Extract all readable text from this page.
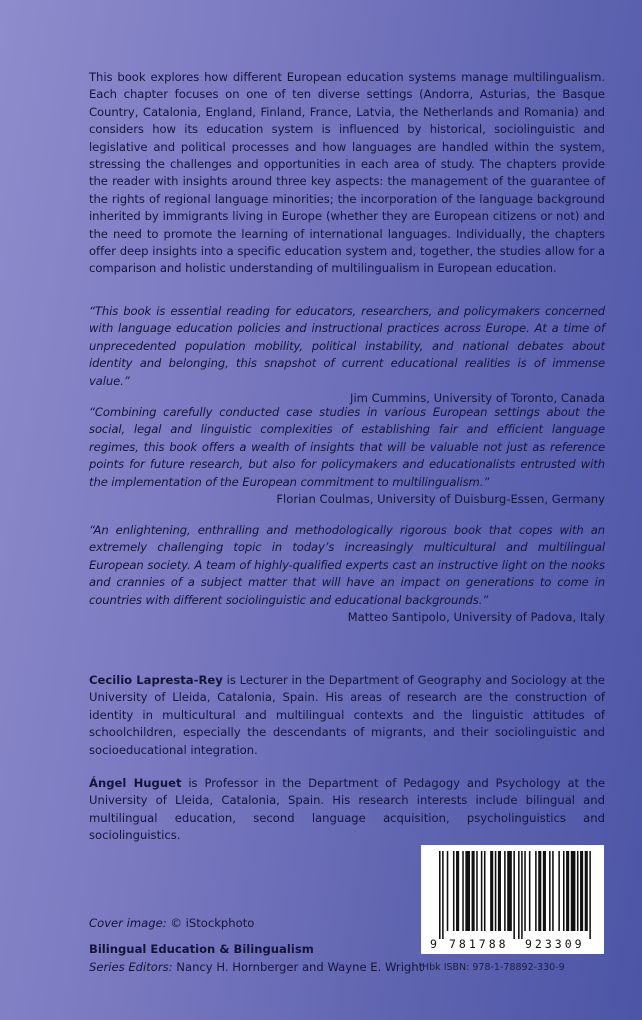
This book explores how different European education systems manage multilingualism. Each chapter focuses on one of ten diverse settings (Andorra, Asturias, the Basque Country, Catalonia, England, Finland, France, Latvia, the Netherlands and Romania) and considers how its education system is influenced by historical, sociolinguistic and legislative and political processes and how languages are handled within the system, stressing the challenges and opportunities in each area of study. The chapters provide the reader with insights around three key aspects: the management of the guarantee of the rights of regional language minorities; the incorporation of the language background inherited by immigrants living in Europe (whether they are European citizens or not) and the need to promote the learning of international languages. Individually, the chapters offer deep insights into a specific education system and, together, the studies allow for a comparison and holistic understanding of multilingualism in European education.

“This book is essential reading for educators, researchers, and policymakers concerned with language education policies and instructional practices across Europe. At a time of unprecedented population mobility, political instability, and national debates about identity and belonging, this snapshot of current educational realities is of immense value.”

Jim Cummins, University of Toronto, Canada

“Combining carefully conducted case studies in various European settings about the social, legal and linguistic complexities of establishing fair and efficient language regimes, this book offers a wealth of insights that will be valuable not just as reference points for future research, but also for policymakers and educationalists entrusted with the implementation of the European commitment to multilingualism.”

Florian Coulmas, University of Duisburg-Essen, Germany

“An enlightening, enthralling and methodologically rigorous book that copes with an extremely challenging topic in today’s increasingly multicultural and multilingual European society. A team of highly-qualified experts cast an instructive light on the nooks and crannies of a subject matter that will have an impact on generations to come in countries with different sociolinguistic and educational backgrounds.”

Matteo Santipolo, University of Padova, Italy

Cecilio Lapresta-Rey is Lecturer in the Department of Geography and Sociology at the University of Lleida, Catalonia, Spain. His areas of research are the construction of identity in multicultural and multilingual contexts and the linguistic attitudes of schoolchildren, especially the descendants of migrants, and their sociolinguistic and socioeducational integration.

Ángel Huguet is Professor in the Department of Pedagogy and Psychology at the University of Lleida, Catalonia, Spain. His research interests include bilingual and multilingual education, second language acquisition, psycholinguistics and sociolinguistics.

Cover image: © iStockphoto
Bilingual Education & Bilingualism
Series Editors: Nancy H. Hornberger and Wayne E. Wright
9 781788 923309
Hbk ISBN: 978-1-78892-330-9
